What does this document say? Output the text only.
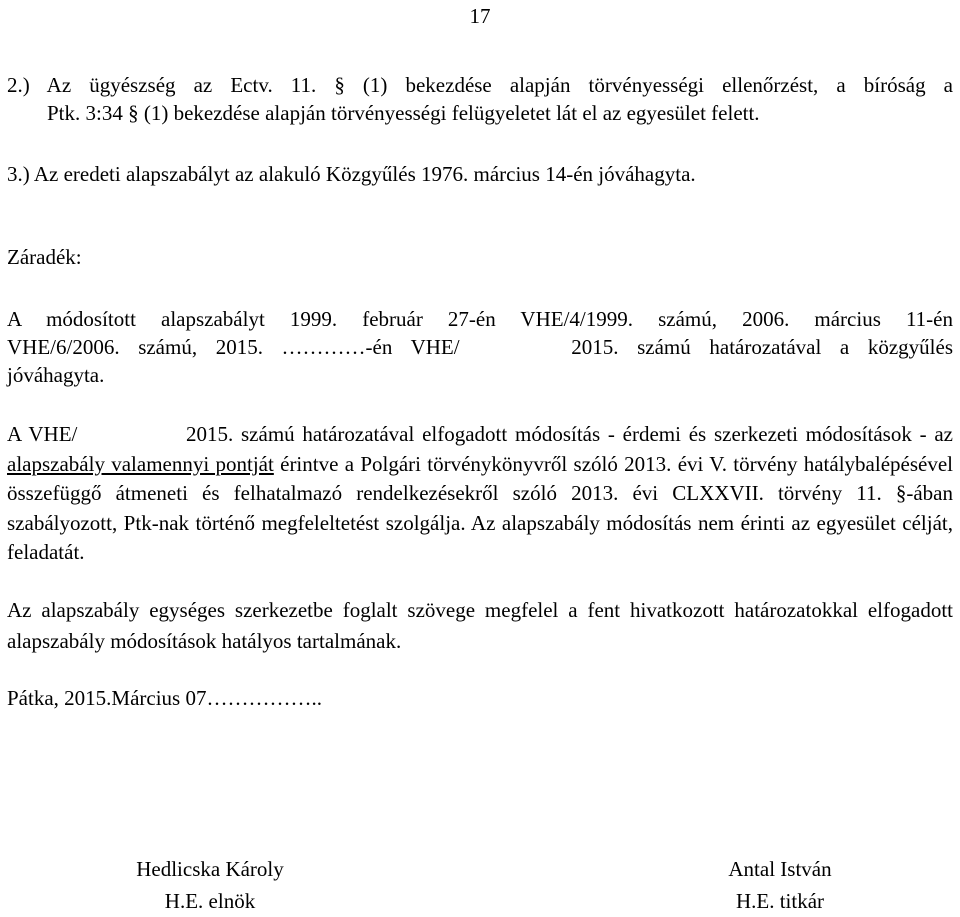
17
2.) Az ügyészség az Ectv. 11. § (1) bekezdése alapján törvényességi ellenőrzést, a bíróság a
Ptk. 3:34 § (1) bekezdése alapján törvényességi felügyeletet lát el az egyesület felett.

3.) Az eredeti alapszabályt az alakuló Közgyűlés 1976. március 14-én jóváhagyta.

Záradék:

A módosított alapszabályt 1999. február 27-én VHE/4/1999. számú, 2006. március 11-én
VHE/6/2006. számú, 2015. …………-én VHE/      2015. számú határozatával a közgyűlés
jóváhagyta.

A VHE/              2015. számú határozatával elfogadott módosítás - érdemi és szerkezeti módosítások - az alapszabály valamennyi pontját érintve a Polgári törvénykönyvről szóló 2013. évi V. törvény hatálybalépésével összefüggő átmeneti és felhatalmazó rendelkezésekről szóló 2013. évi CLXXVII. törvény 11. §-ában szabályozott, Ptk-nak történő megfeleltetést szolgálja. Az alapszabály módosítás nem érinti az egyesület célját, feladatát.

Az alapszabály egységes szerkezetbe foglalt szövege megfelel a fent hivatkozott határozatokkal elfogadott alapszabály módosítások hatályos tartalmának.

Pátka, 2015.Március 07……………..

Hedlicska Károly
H.E. elnök
Antal István
H.E. titkár
